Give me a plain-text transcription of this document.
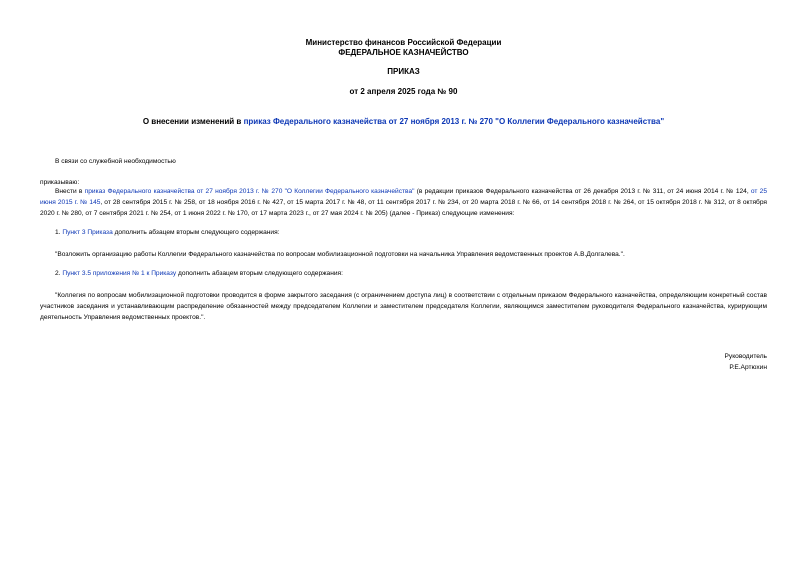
Министерство финансов Российской Федерации
ФЕДЕРАЛЬНОЕ КАЗНАЧЕЙСТВО
ПРИКАЗ
от 2 апреля 2025 года № 90
О внесении изменений в приказ Федерального казначейства от 27 ноября 2013 г. № 270 "О Коллегии Федерального казначейства"
В связи со служебной необходимостью
приказываю:
Внести в приказ Федерального казначейства от 27 ноября 2013 г. № 270 "О Коллегии Федерального казначейства" (в редакции приказов Федерального казначейства от 26 декабря 2013 г. № 311, от 24 июня 2014 г. № 124, от 25 июня 2015 г. № 145, от 28 сентября 2015 г. № 258, от 18 ноября 2016 г. № 427, от 15 марта 2017 г. № 48, от 11 сентября 2017 г. № 234, от 20 марта 2018 г. № 66, от 14 сентября 2018 г. № 264, от 15 октября 2018 г. № 312, от 8 октября 2020 г. № 280, от 7 сентября 2021 г. № 254, от 1 июня 2022 г. № 170, от 17 марта 2023 г., от 27 мая 2024 г. № 205) (далее - Приказ) следующие изменения:
1. Пункт 3 Приказа дополнить абзацем вторым следующего содержания:
"Возложить организацию работы Коллегии Федерального казначейства по вопросам мобилизационной подготовки на начальника Управления ведомственных проектов А.В.Долгалева.".
2. Пункт 3.5 приложения № 1 к Приказу дополнить абзацем вторым следующего содержания:
"Коллегия по вопросам мобилизационной подготовки проводится в форме закрытого заседания (с ограничением доступа лиц) в соответствии с отдельным приказом Федерального казначейства, определяющим конкретный состав участников заседания и устанавливающим распределение обязанностей между председателем Коллегии и заместителем председателя Коллегии, являющимся заместителем руководителя Федерального казначейства, курирующим деятельность Управления ведомственных проектов.".
Руководитель
Р.Е.Артюхин
